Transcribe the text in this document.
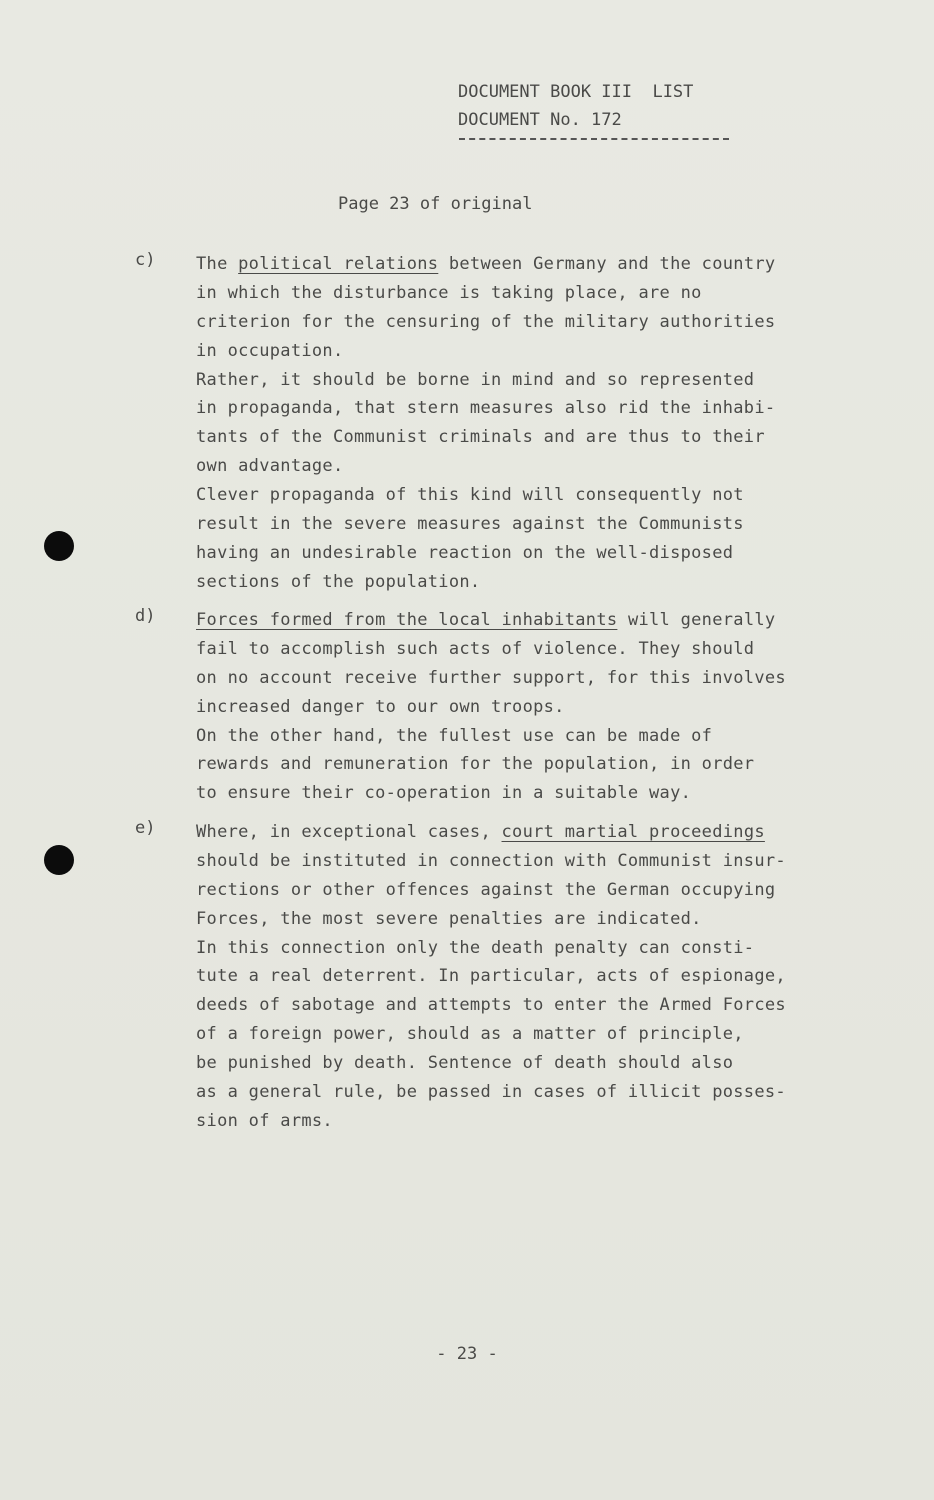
DOCUMENT BOOK III  LIST
DOCUMENT No. 172
Page 23 of original
c) The political relations between Germany and the country
in which the disturbance is taking place, are no
criterion for the censuring of the military authorities
in occupation.
Rather, it should be borne in mind and so represented
in propaganda, that stern measures also rid the inhabi-
tants of the Communist criminals and are thus to their
own advantage.
Clever propaganda of this kind will consequently not
result in the severe measures against the Communists
having an undesirable reaction on the well-disposed
sections of the population.
d) Forces formed from the local inhabitants will generally
fail to accomplish such acts of violence. They should
on no account receive further support, for this involves
increased danger to our own troops.
On the other hand, the fullest use can be made of
rewards and remuneration for the population, in order
to ensure their co-operation in a suitable way.
e) Where, in exceptional cases, court martial proceedings
should be instituted in connection with Communist insur-
rections or other offences against the German occupying
Forces, the most severe penalties are indicated.
In this connection only the death penalty can consti-
tute a real deterrent. In particular, acts of espionage,
deeds of sabotage and attempts to enter the Armed Forces
of a foreign power, should as a matter of principle,
be punished by death. Sentence of death should also
as a general rule, be passed in cases of illicit posses-
sion of arms.
- 23 -
